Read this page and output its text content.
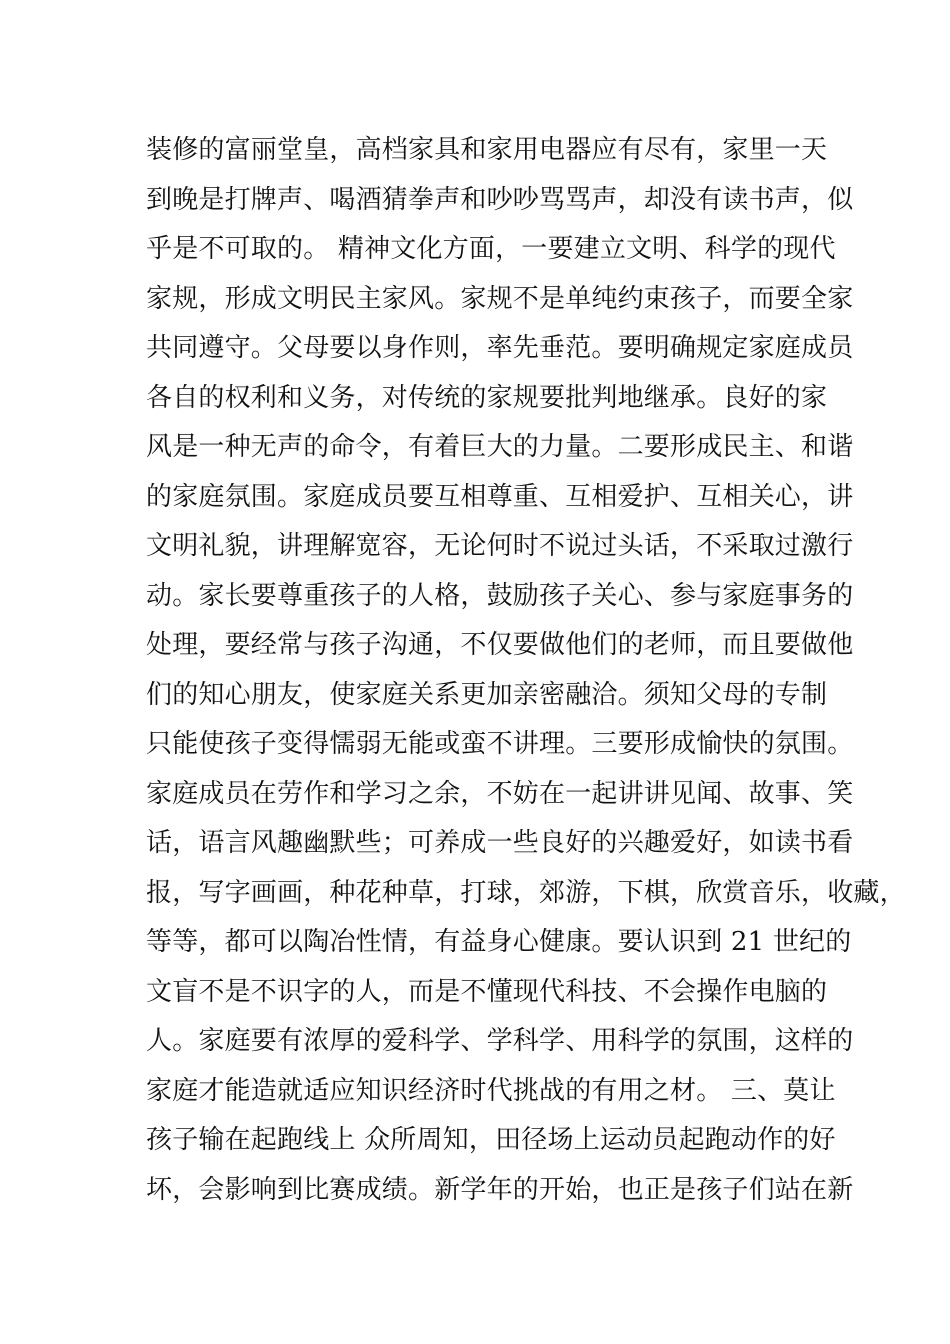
装修的富丽堂皇，高档家具和家用电器应有尽有，家里一天
到晚是打牌声、喝酒猜拳声和吵吵骂骂声，却没有读书声，似
乎是不可取的。 精神文化方面，一要建立文明、科学的现代
家规，形成文明民主家风。家规不是单纯约束孩子，而要全家
共同遵守。父母要以身作则，率先垂范。要明确规定家庭成员
各自的权利和义务，对传统的家规要批判地继承。良好的家
风是一种无声的命令，有着巨大的力量。二要形成民主、和谐
的家庭氛围。家庭成员要互相尊重、互相爱护、互相关心，讲
文明礼貌，讲理解宽容，无论何时不说过头话，不采取过激行
动。家长要尊重孩子的人格，鼓励孩子关心、参与家庭事务的
处理，要经常与孩子沟通，不仅要做他们的老师，而且要做他
们的知心朋友，使家庭关系更加亲密融洽。须知父母的专制
只能使孩子变得懦弱无能或蛮不讲理。三要形成愉快的氛围。
家庭成员在劳作和学习之余，不妨在一起讲讲见闻、故事、笑
话，语言风趣幽默些；可养成一些良好的兴趣爱好，如读书看
报，写字画画，种花种草，打球，郊游，下棋，欣赏音乐，收藏，
等等，都可以陶冶性情，有益身心健康。要认识到 21 世纪的
文盲不是不识字的人，而是不懂现代科技、不会操作电脑的
人。家庭要有浓厚的爱科学、学科学、用科学的氛围，这样的
家庭才能造就适应知识经济时代挑战的有用之材。 三、莫让
孩子输在起跑线上 众所周知，田径场上运动员起跑动作的好
坏，会影响到比赛成绩。新学年的开始，也正是孩子们站在新
